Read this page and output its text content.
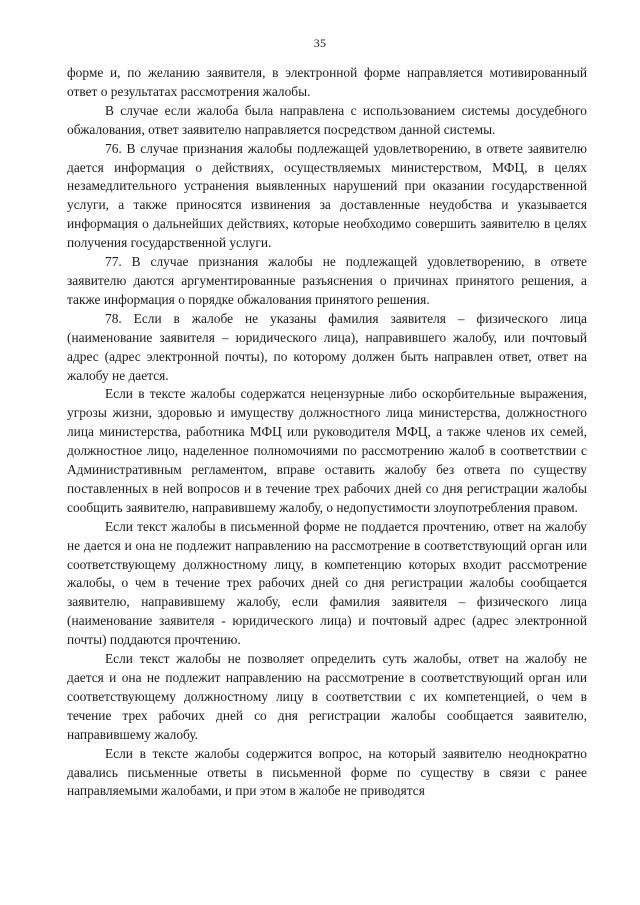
35

форме и, по желанию заявителя, в электронной форме направляется мотивированный ответ о результатах рассмотрения жалобы.

В случае если жалоба была направлена с использованием системы досудебного обжалования, ответ заявителю направляется посредством данной системы.

76. В случае признания жалобы подлежащей удовлетворению, в ответе заявителю дается информация о действиях, осуществляемых министерством, МФЦ, в целях незамедлительного устранения выявленных нарушений при оказании государственной услуги, а также приносятся извинения за доставленные неудобства и указывается информация о дальнейших действиях, которые необходимо совершить заявителю в целях получения государственной услуги.

77. В случае признания жалобы не подлежащей удовлетворению, в ответе заявителю даются аргументированные разъяснения о причинах принятого решения, а также информация о порядке обжалования принятого решения.

78. Если в жалобе не указаны фамилия заявителя – физического лица (наименование заявителя – юридического лица), направившего жалобу, или почтовый адрес (адрес электронной почты), по которому должен быть направлен ответ, ответ на жалобу не дается.

Если в тексте жалобы содержатся нецензурные либо оскорбительные выражения, угрозы жизни, здоровью и имуществу должностного лица министерства, должностного лица министерства, работника МФЦ или руководителя МФЦ, а также членов их семей, должностное лицо, наделенное полномочиями по рассмотрению жалоб в соответствии с Административным регламентом, вправе оставить жалобу без ответа по существу поставленных в ней вопросов и в течение трех рабочих дней со дня регистрации жалобы сообщить заявителю, направившему жалобу, о недопустимости злоупотребления правом.

Если текст жалобы в письменной форме не поддается прочтению, ответ на жалобу не дается и она не подлежит направлению на рассмотрение в соответствующий орган или соответствующему должностному лицу, в компетенцию которых входит рассмотрение жалобы, о чем в течение трех рабочих дней со дня регистрации жалобы сообщается заявителю, направившему жалобу, если фамилия заявителя – физического лица (наименование заявителя - юридического лица) и почтовый адрес (адрес электронной почты) поддаются прочтению.

Если текст жалобы не позволяет определить суть жалобы, ответ на жалобу не дается и она не подлежит направлению на рассмотрение в соответствующий орган или соответствующему должностному лицу в соответствии с их компетенцией, о чем в течение трех рабочих дней со дня регистрации жалобы сообщается заявителю, направившему жалобу.

Если в тексте жалобы содержится вопрос, на который заявителю неоднократно давались письменные ответы в письменной форме по существу в связи с ранее направляемыми жалобами, и при этом в жалобе не приводятся
